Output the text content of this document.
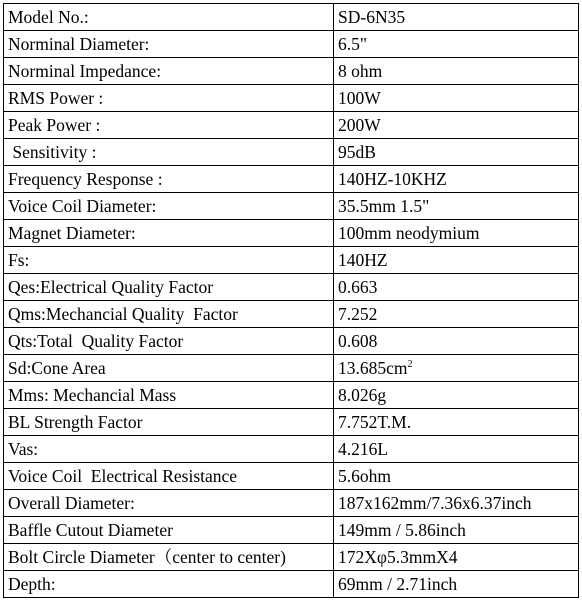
Model No.:	SD-6N35
Norminal Diameter:	6.5"
Norminal Impedance:	8 ohm
RMS Power :	100W
Peak Power :	200W
Sensitivity :	95dB
Frequency Response :	140HZ-10KHZ
Voice Coil Diameter:	35.5mm 1.5"
Magnet Diameter:	100mm neodymium
Fs:	140HZ
Qes:Electrical Quality Factor	0.663
Qms:Mechancial Quality  Factor	7.252
Qts:Total  Quality Factor	0.608
Sd:Cone Area	$13.685cm^2$
Mms: Mechancial Mass	8.026g
BL Strength Factor	7.752T.M.
Vas:	4.216L
Voice Coil  Electrical Resistance	5.6ohm
Overall Diameter:	187x162mm/7.36x6.37inch
Baffle Cutout Diameter	149mm / 5.86inch
Bolt Circle Diameter（center to center)	172Xφ5.3mmX4
Depth:	69mm / 2.71inch
